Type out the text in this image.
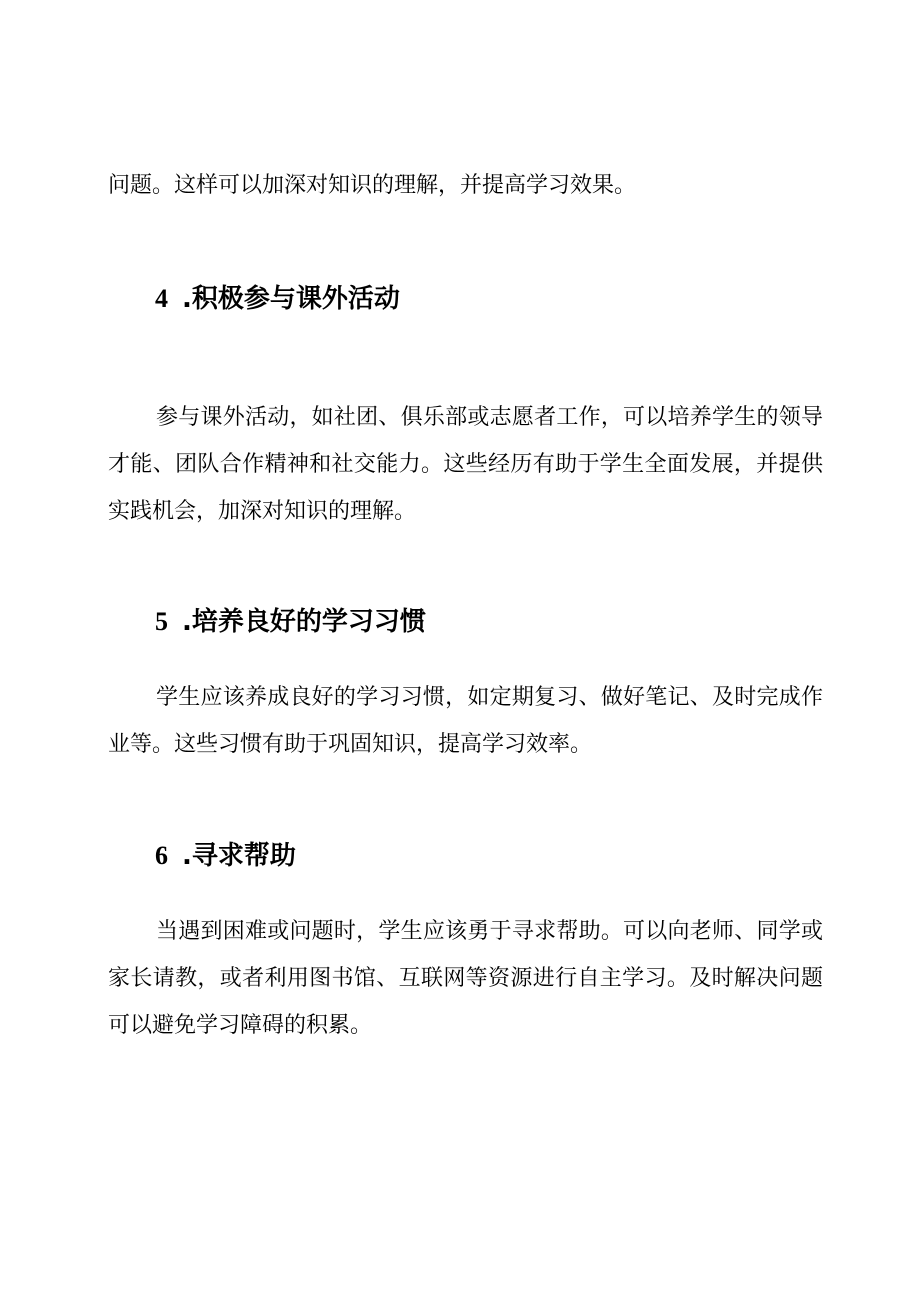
问题。这样可以加深对知识的理解，并提高学习效果。

4 .积极参与课外活动

参与课外活动，如社团、俱乐部或志愿者工作，可以培养学生的领导才能、团队合作精神和社交能力。这些经历有助于学生全面发展，并提供实践机会，加深对知识的理解。

5 .培养良好的学习习惯

学生应该养成良好的学习习惯，如定期复习、做好笔记、及时完成作业等。这些习惯有助于巩固知识，提高学习效率。

6 .寻求帮助

当遇到困难或问题时，学生应该勇于寻求帮助。可以向老师、同学或家长请教，或者利用图书馆、互联网等资源进行自主学习。及时解决问题可以避免学习障碍的积累。
